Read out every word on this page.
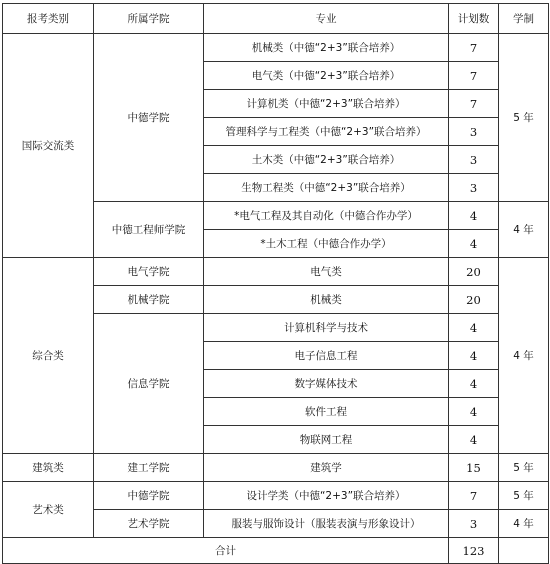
报考类别	所属学院	专业	计划数	学制
国际交流类	中德学院	机械类（中德“2+3”联合培养）	7	5 年
		电气类（中德“2+3”联合培养）	7	
		计算机类（中德“2+3”联合培养）	7	
		管理科学与工程类（中德“2+3”联合培养）	3	
		土木类（中德“2+3”联合培养）	3	
		生物工程类（中德“2+3”联合培养）	3	
	中德工程师学院	*电气工程及其自动化（中德合作办学）	4	4 年
		*土木工程（中德合作办学）	4	
综合类	电气学院	电气类	20	4 年
	机械学院	机械类	20	
	信息学院	计算机科学与技术	4	
		电子信息工程	4	
		数字媒体技术	4	
		软件工程	4	
		物联网工程	4	
建筑类	建工学院	建筑学	15	5 年
艺术类	中德学院	设计学类（中德“2+3”联合培养）	7	5 年
	艺术学院	服装与服饰设计（服装表演与形象设计）	3	4 年
合计			123	
